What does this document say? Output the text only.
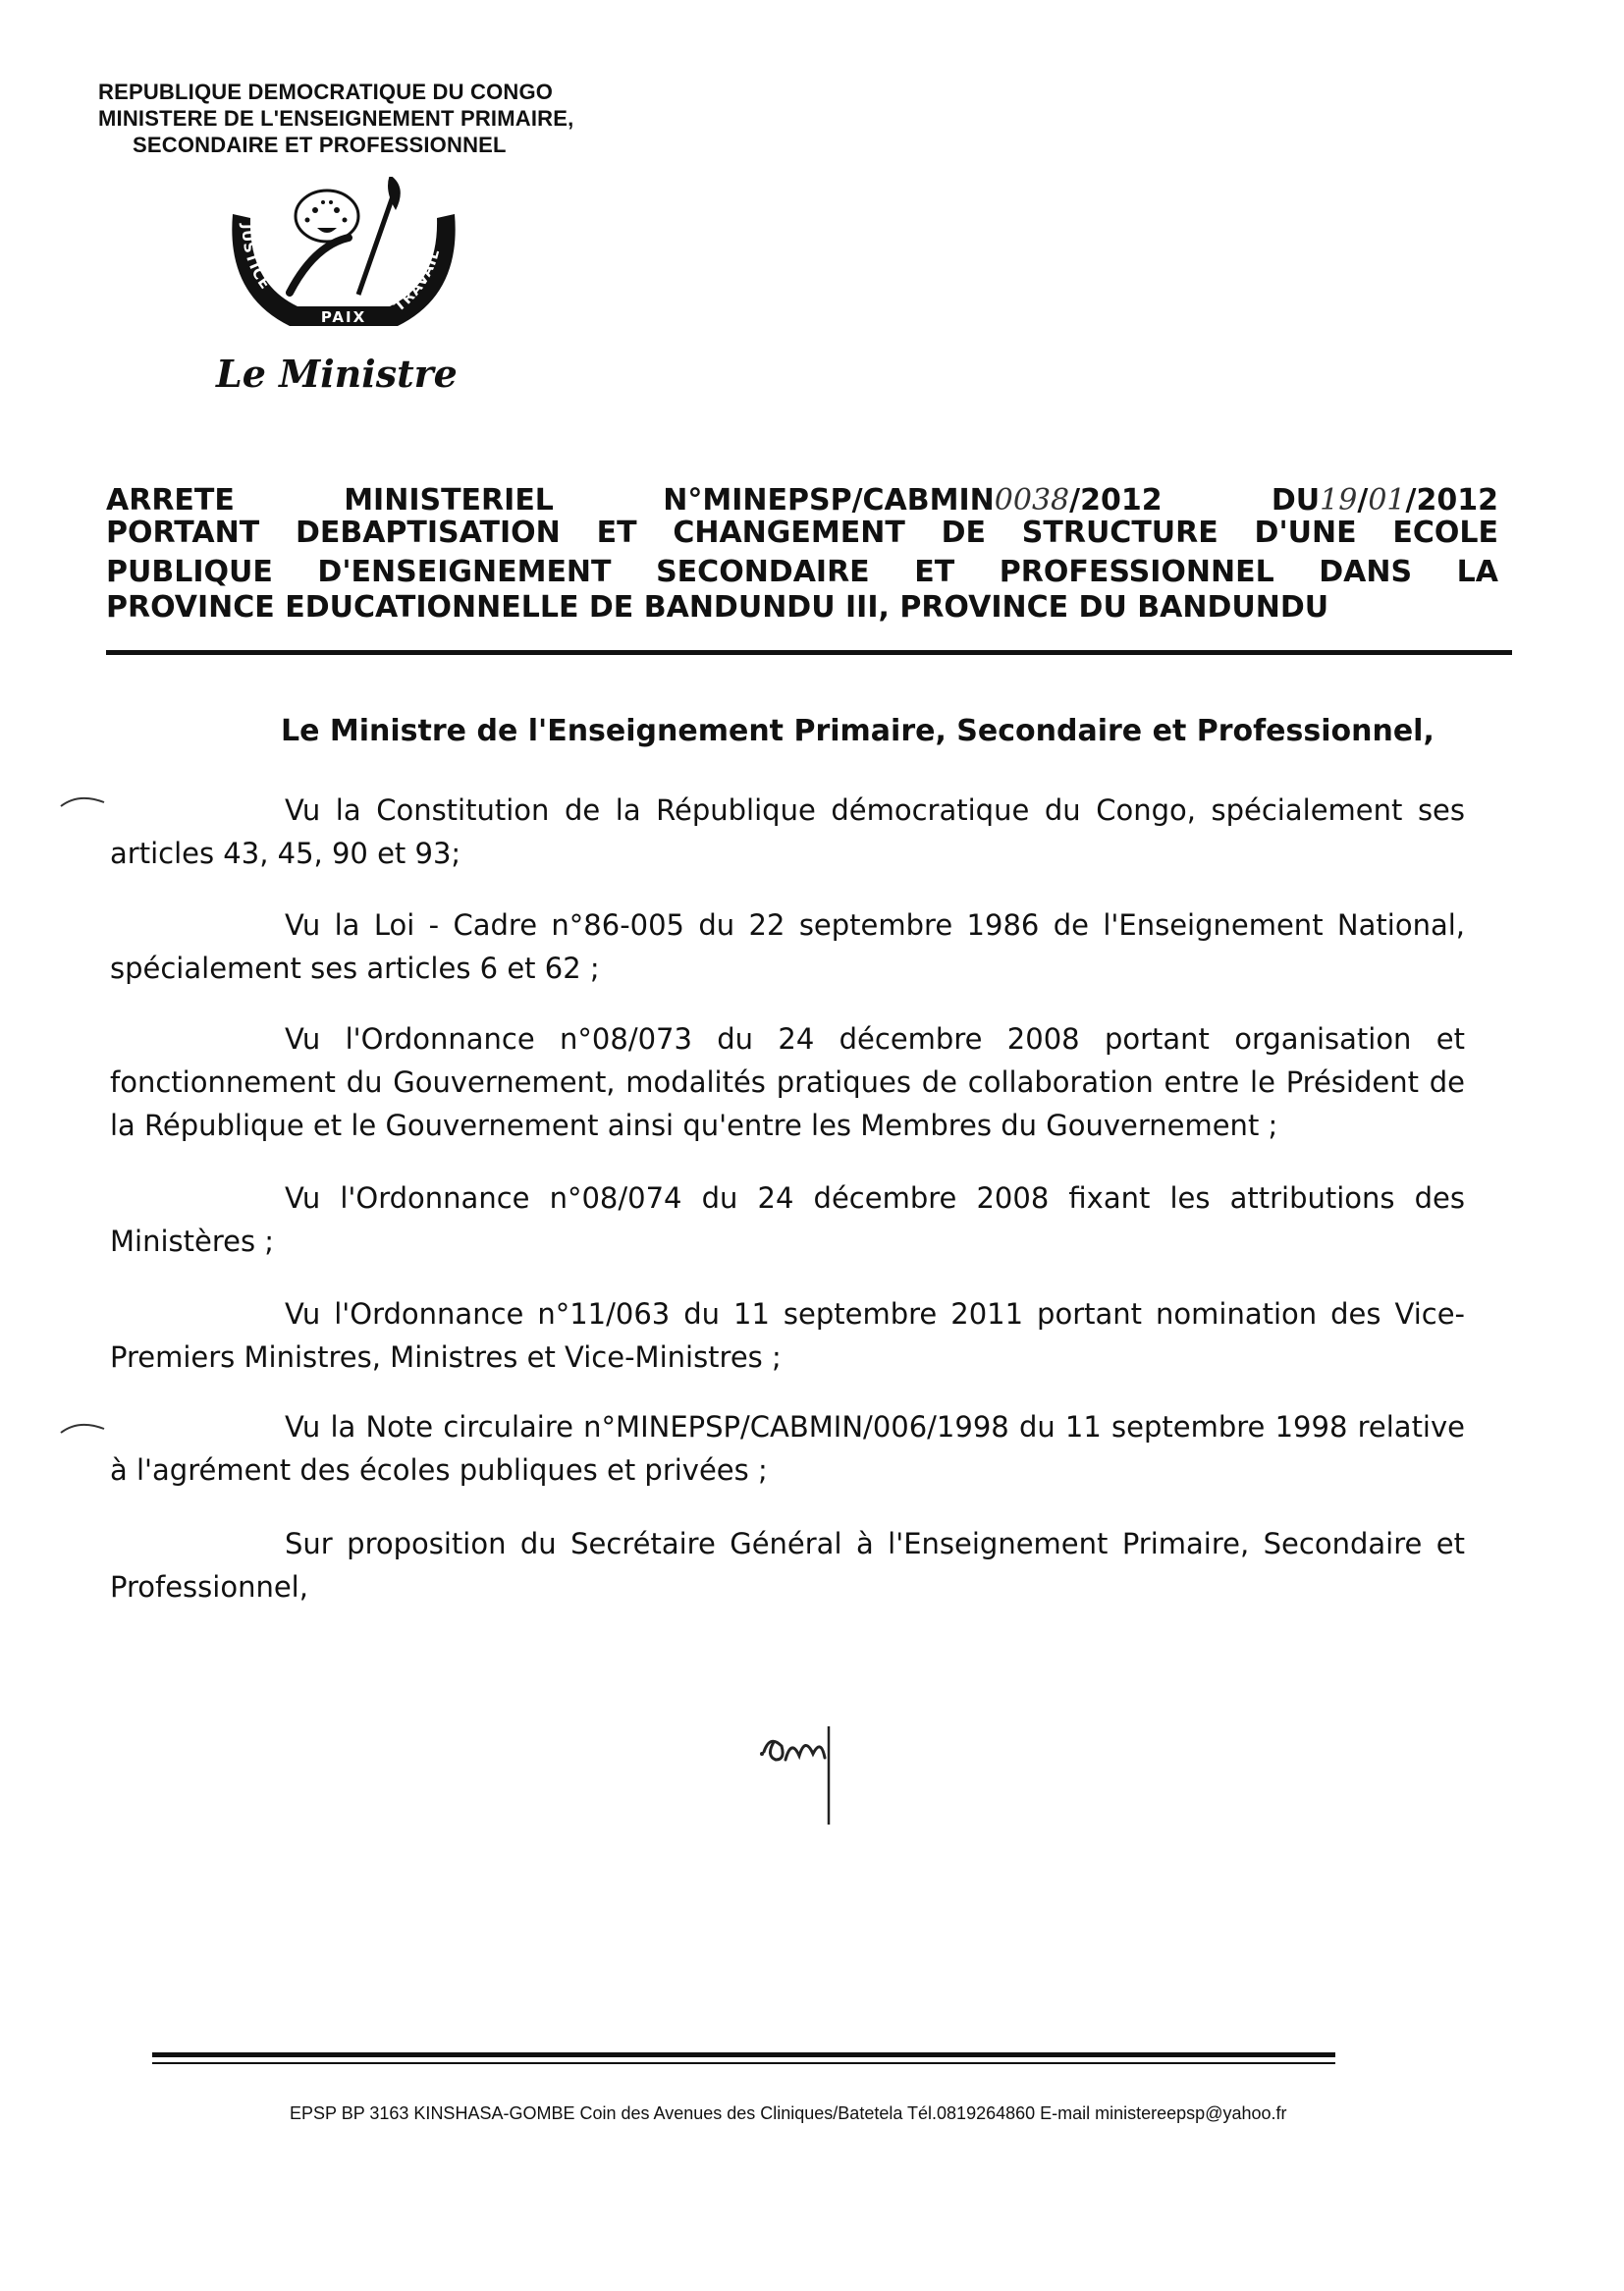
REPUBLIQUE DEMOCRATIQUE DU CONGO
MINISTERE DE L'ENSEIGNEMENT PRIMAIRE,
SECONDAIRE ET PROFESSIONNEL
JUSTICE
TRAVAIL
PAIX
Le Ministre
ARRETE	MINISTERIEL	N°MINEPSP/CABMIN 0038 /2012	DU 19 / 01 /2012
PORTANT DEBAPTISATION ET CHANGEMENT DE STRUCTURE D'UNE ECOLE
PUBLIQUE D'ENSEIGNEMENT SECONDAIRE ET PROFESSIONNEL DANS LA
PROVINCE EDUCATIONNELLE DE BANDUNDU III, PROVINCE DU BANDUNDU
Le Ministre de l'Enseignement Primaire, Secondaire et Professionnel,
Vu la Constitution de la République démocratique du Congo, spécialement ses articles 43, 45, 90 et 93;
Vu la Loi - Cadre n°86-005 du 22 septembre 1986 de l'Enseignement National, spécialement ses articles 6 et 62 ;
Vu l'Ordonnance n°08/073 du 24 décembre 2008 portant organisation et fonctionnement du Gouvernement, modalités pratiques de collaboration entre le Président de la République et le Gouvernement ainsi qu'entre les Membres du Gouvernement ;
Vu l'Ordonnance n°08/074 du 24 décembre 2008 fixant les attributions des Ministères ;
Vu l'Ordonnance n°11/063 du 11 septembre 2011 portant nomination des Vice-Premiers Ministres, Ministres et Vice-Ministres ;
Vu la Note circulaire n°MINEPSP/CABMIN/006/1998 du 11 septembre 1998 relative à l'agrément des écoles publiques et privées ;
Sur proposition du Secrétaire Général à l'Enseignement Primaire, Secondaire et Professionnel,
EPSP BP 3163 KINSHASA-GOMBE Coin des Avenues des Cliniques/Batetela Tél.0819264860 E-mail ministereepsp@yahoo.fr
